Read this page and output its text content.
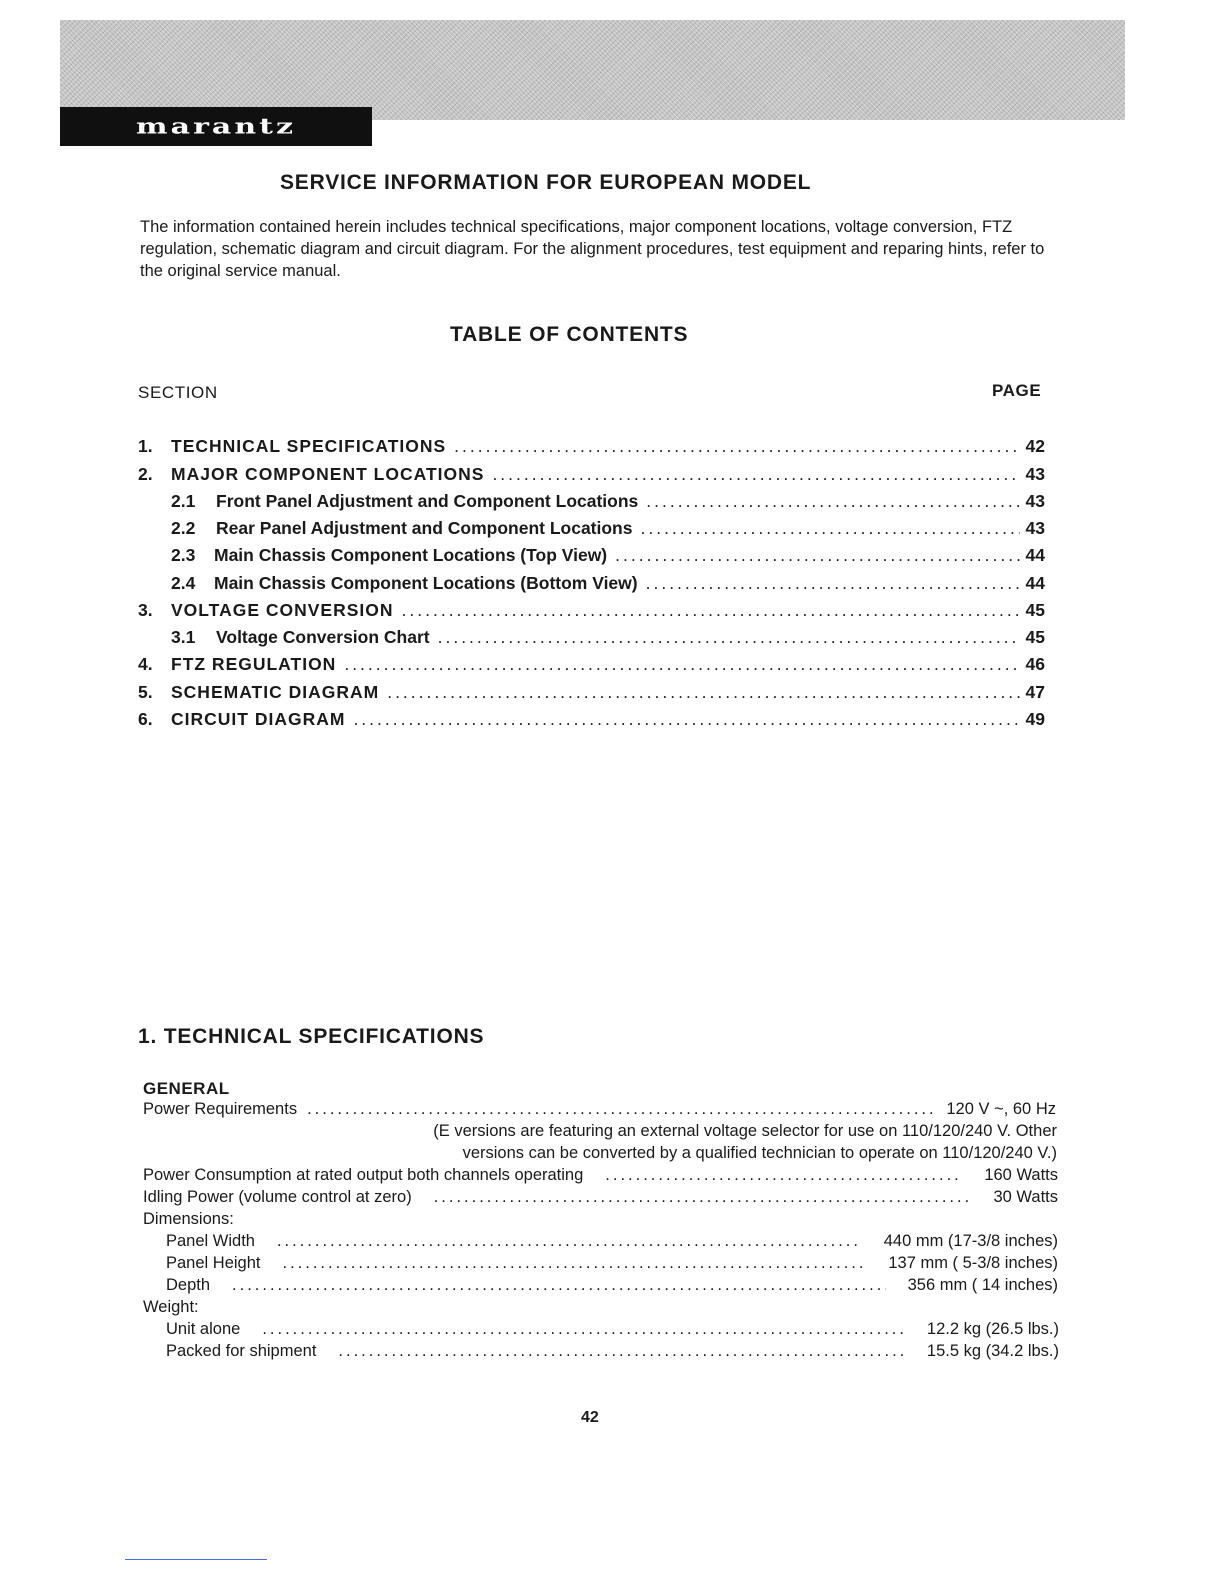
marantz
SERVICE INFORMATION FOR EUROPEAN MODEL

The information contained herein includes technical specifications, major component locations, voltage conversion, FTZ regulation, schematic diagram and circuit diagram. For the alignment procedures, test equipment and reparing hints, refer to the original service manual.

TABLE OF CONTENTS
SECTION	PAGE
1.	TECHNICAL SPECIFICATIONS .....	42
2.	MAJOR COMPONENT LOCATIONS .....	43
2.1	Front Panel Adjustment and Component Locations .....	43
2.2	Rear Panel Adjustment and Component Locations .....	43
2.3	Main Chassis Component Locations (Top View) .....	44
2.4	Main Chassis Component Locations (Bottom View) .....	44
3.	VOLTAGE CONVERSION .....	45
3.1	Voltage Conversion Chart .....	45
4.	FTZ REGULATION .....	46
5.	SCHEMATIC DIAGRAM .....	47
6.	CIRCUIT DIAGRAM .....	49
1. TECHNICAL SPECIFICATIONS
GENERAL
Power Requirements .....	120 V ~, 60 Hz
(E versions are featuring an external voltage selector for use on 110/120/240 V. Other
versions can be converted by a qualified technician to operate on 110/120/240 V.)
Power Consumption at rated output both channels operating .....	160 Watts
Idling Power (volume control at zero) .....	30 Watts
Dimensions:
Panel Width .....	440 mm (17-3/8 inches)
Panel Height .....	137 mm ( 5-3/8 inches)
Depth .....	356 mm ( 14 inches)
Weight:
Unit alone .....	12.2 kg (26.5 lbs.)
Packed for shipment .....	15.5 kg (34.2 lbs.)
42
